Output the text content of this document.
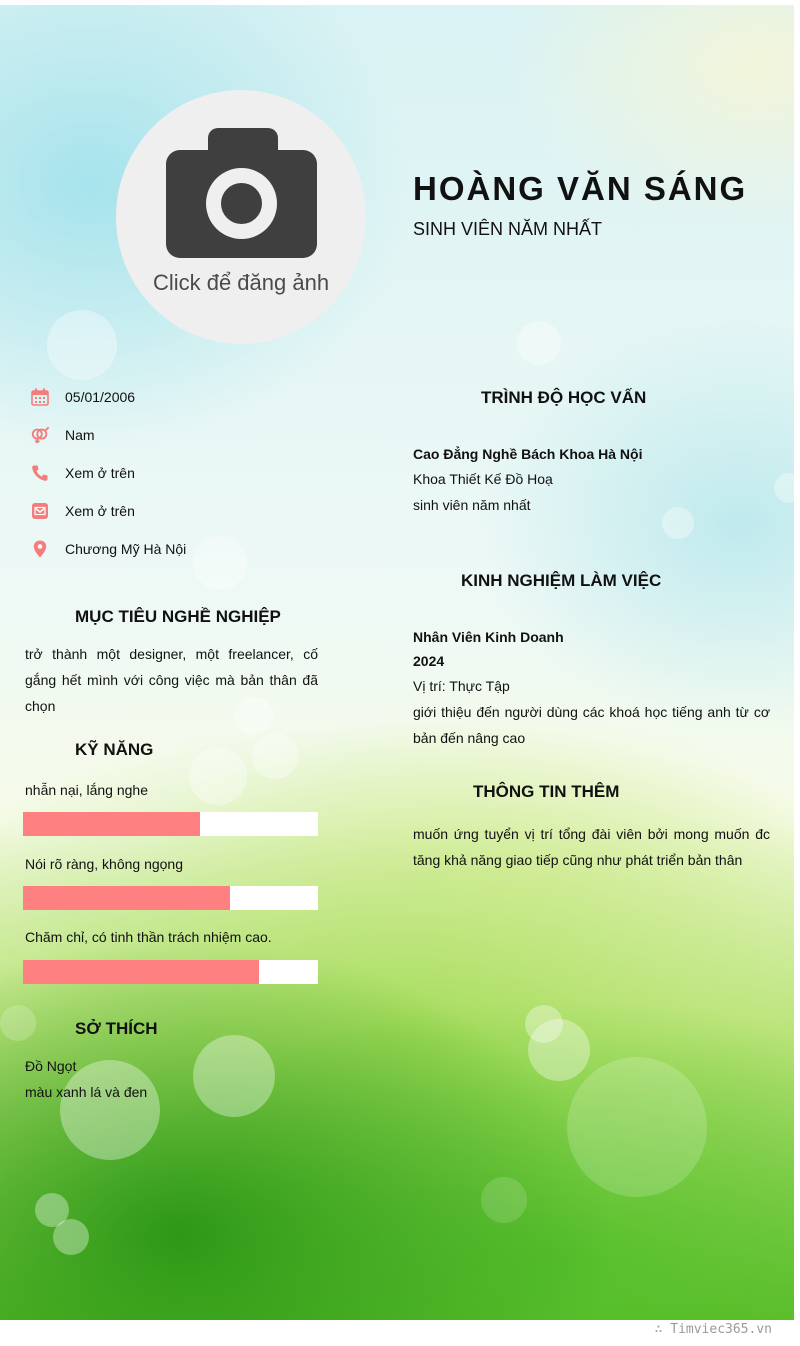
Click để đăng ảnh
HOÀNG VĂN SÁNG
SINH VIÊN NĂM NHẤT
05/01/2006
Nam
Xem ở trên
Xem ở trên
Chương Mỹ Hà Nội
MỤC TIÊU NGHỀ NGHIỆP
trở thành một designer, một freelancer, cố gắng hết mình với công việc mà bản thân đã chọn
KỸ NĂNG
nhẫn nại, lắng nghe
Nói rõ ràng, không ngọng
Chăm chỉ, có tinh thần trách nhiệm cao.
SỞ THÍCH
Đồ Ngọt
màu xanh lá và đen
TRÌNH ĐỘ HỌC VẤN
Cao Đẳng Nghề Bách Khoa Hà Nội
Khoa Thiết Kế Đồ Hoạ
sinh viên năm nhất
KINH NGHIỆM LÀM VIỆC
Nhân Viên Kinh Doanh
2024
Vị trí: Thực Tập
giới thiệu đến người dùng các khoá học tiếng anh từ cơ bản đến nâng cao
THÔNG TIN THÊM
muốn ứng tuyển vị trí tổng đài viên bởi mong muốn đc tăng khả năng giao tiếp cũng như phát triển bản thân
∴ Timviec365.vn
